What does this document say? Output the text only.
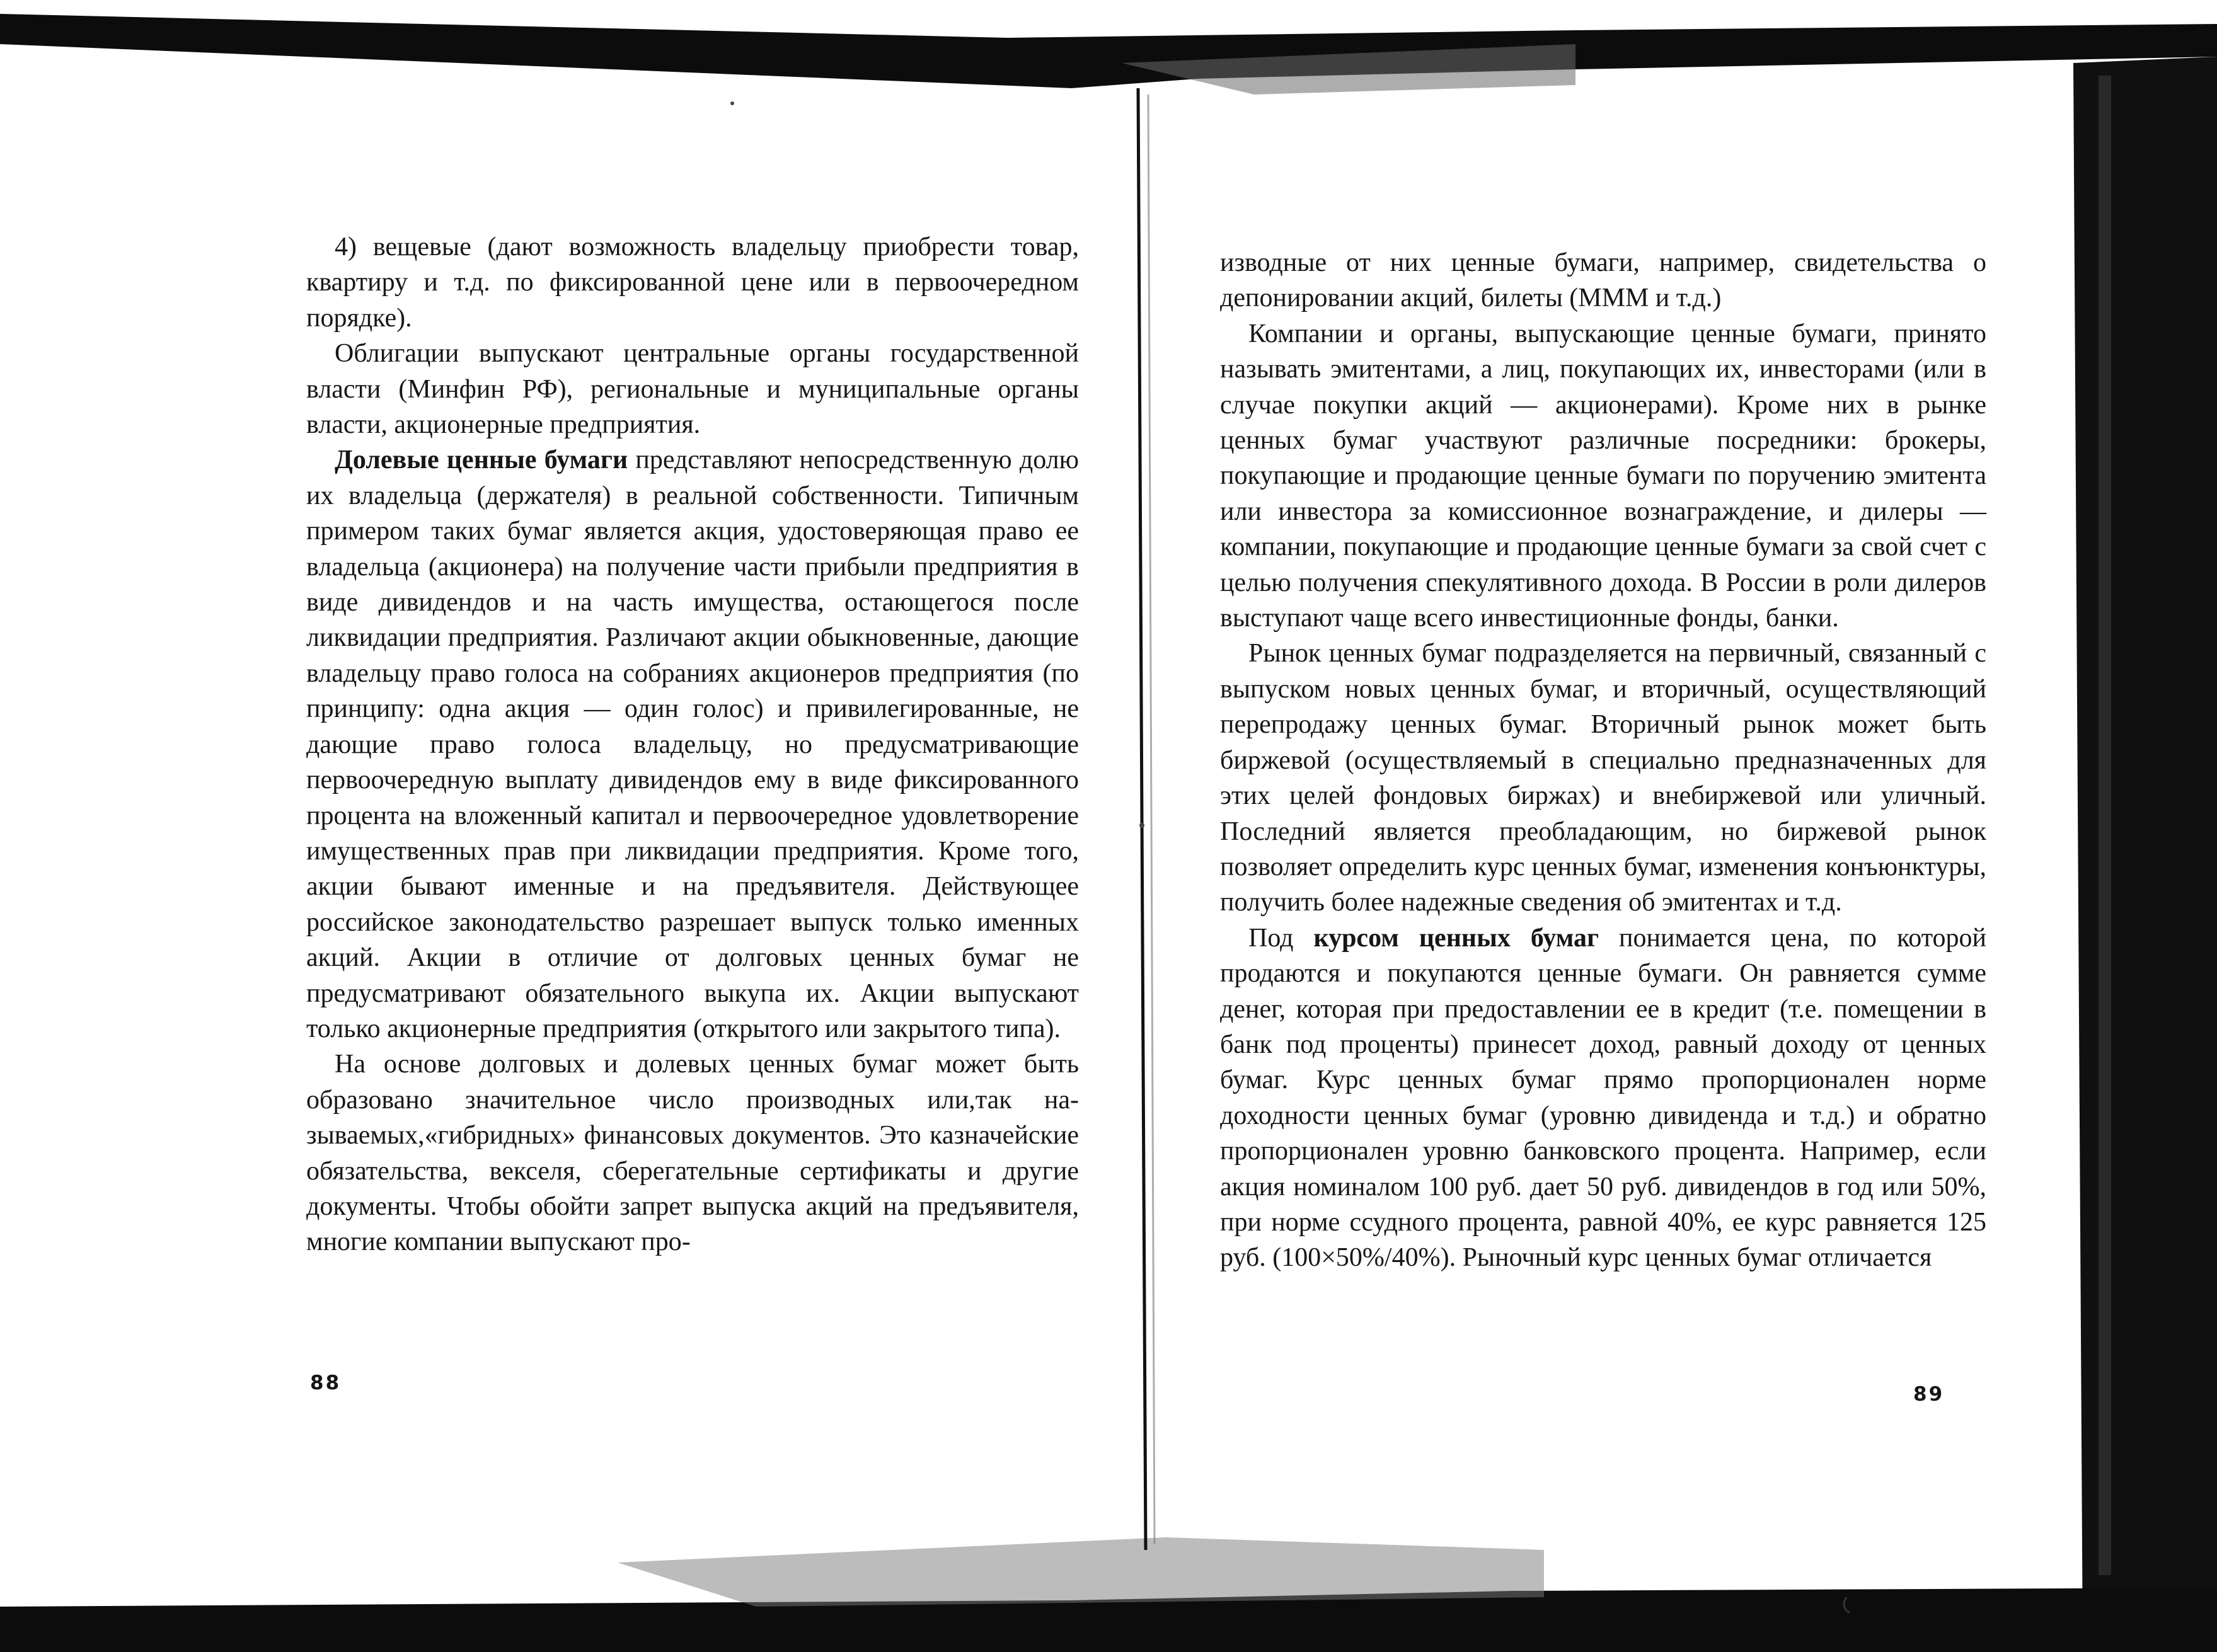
4) вещевые (дают возможность владельцу приобрести товар, квартиру и т.д. по фиксированной цене или в первоочередном порядке).

Облигации выпускают центральные органы государственной власти (Минфин РФ), региональные и муниципальные органы власти, акционерные предприятия.

Долевые ценные бумаги представляют непосредственную долю их владельца (держателя) в реальной собственности. Типичным примером таких бумаг является акция, удостоверяющая право ее владельца (акционера) на получение части прибыли предприятия в виде дивидендов и на часть имущества, остающегося после ликвидации предприятия. Различают акции обыкновенные, дающие владельцу право голоса на собраниях акционеров предприятия (по принципу: одна акция — один голос) и привилегированные, не дающие право голоса владельцу, но предусматривающие первоочередную выплату дивидендов ему в виде фиксированного процента на вложенный капитал и первоочередное удовлетворение имущественных прав при ликвидации предприятия. Кроме того, акции бывают именные и на предъявителя. Действующее российское законодательство разрешает выпуск только именных акций. Акции в отличие от долговых ценных бумаг не предусматривают обязательного выкупа их. Акции выпускают только акционерные предприятия (открытого или закрытого типа).

На основе долговых и долевых ценных бумаг может быть образовано значительное число производных или,так называемых,«гибридных» финансовых документов. Это казначейские обязательства, векселя, сберегательные сертификаты и другие документы. Чтобы обойти запрет выпуска акций на предъявителя, многие компании выпускают про-

88

изводные от них ценные бумаги, например, свидетельства о депонировании акций, билеты (МММ и т.д.)

Компании и органы, выпускающие ценные бумаги, принято называть эмитентами, а лиц, покупающих их, инвесторами (или в случае покупки акций — акционерами). Кроме них в рынке ценных бумаг участвуют различные посредники: брокеры, покупающие и продающие ценные бумаги по поручению эмитента или инвестора за комиссионное вознаграждение, и дилеры — компании, покупающие и продающие ценные бумаги за свой счет с целью получения спекулятивного дохода. В России в роли дилеров выступают чаще всего инвестиционные фонды, банки.

Рынок ценных бумаг подразделяется на первичный, связанный с выпуском новых ценных бумаг, и вторичный, осуществляющий перепродажу ценных бумаг. Вторичный рынок может быть биржевой (осуществляемый в специально предназначенных для этих целей фондовых биржах) и внебиржевой или уличный. Последний является преобладающим, но биржевой рынок позволяет определить курс ценных бумаг, изменения конъюнктуры, получить более надежные сведения об эмитентах и т.д.

Под курсом ценных бумаг понимается цена, по которой продаются и покупаются ценные бумаги. Он равняется сумме денег, которая при предоставлении ее в кредит (т.е. помещении в банк под проценты) принесет доход, равный доходу от ценных бумаг. Курс ценных бумаг прямо пропорционален норме доходности ценных бумаг (уровню дивиденда и т.д.) и обратно пропорционален уровню банковского процента. Например, если акция номиналом 100 руб. дает 50 руб. дивидендов в год или 50%, при норме ссудного процента, равной 40%, ее курс равняется 125 руб. (100×50%/40%). Рыночный курс ценных бумаг отличается

89
